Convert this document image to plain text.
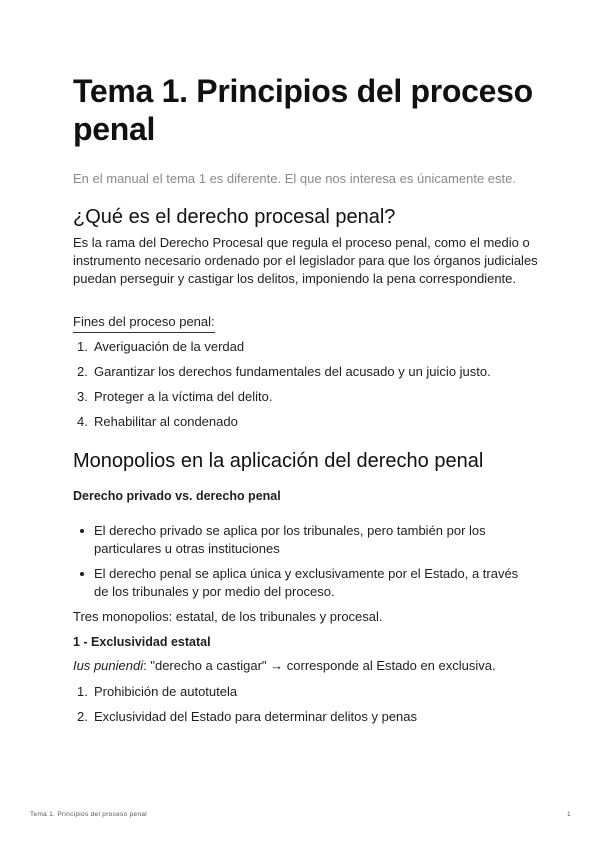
Tema 1. Principios del proceso penal

En el manual el tema 1 es diferente. El que nos interesa es únicamente este.

¿Qué es el derecho procesal penal?

Es la rama del Derecho Procesal que regula el proceso penal, como el medio o instrumento necesario ordenado por el legislador para que los órganos judiciales puedan perseguir y castigar los delitos, imponiendo la pena correspondiente.

Fines del proceso penal:
1. Averiguación de la verdad
2. Garantizar los derechos fundamentales del acusado y un juicio justo.
3. Proteger a la víctima del delito.
4. Rehabilitar al condenado
Monopolios en la aplicación del derecho penal

Derecho privado vs. derecho penal

El derecho privado se aplica por los tribunales, pero también por los particulares u otras instituciones
El derecho penal se aplica única y exclusivamente por el Estado, a través de los tribunales y por medio del proceso.

Tres monopolios: estatal, de los tribunales y procesal.

1 - Exclusividad estatal

Ius puniendi: "derecho a castigar" → corresponde al Estado en exclusiva.

1. Prohibición de autotutela
2. Exclusividad del Estado para determinar delitos y penas
Tema 1. Principios del proceso penal	1
